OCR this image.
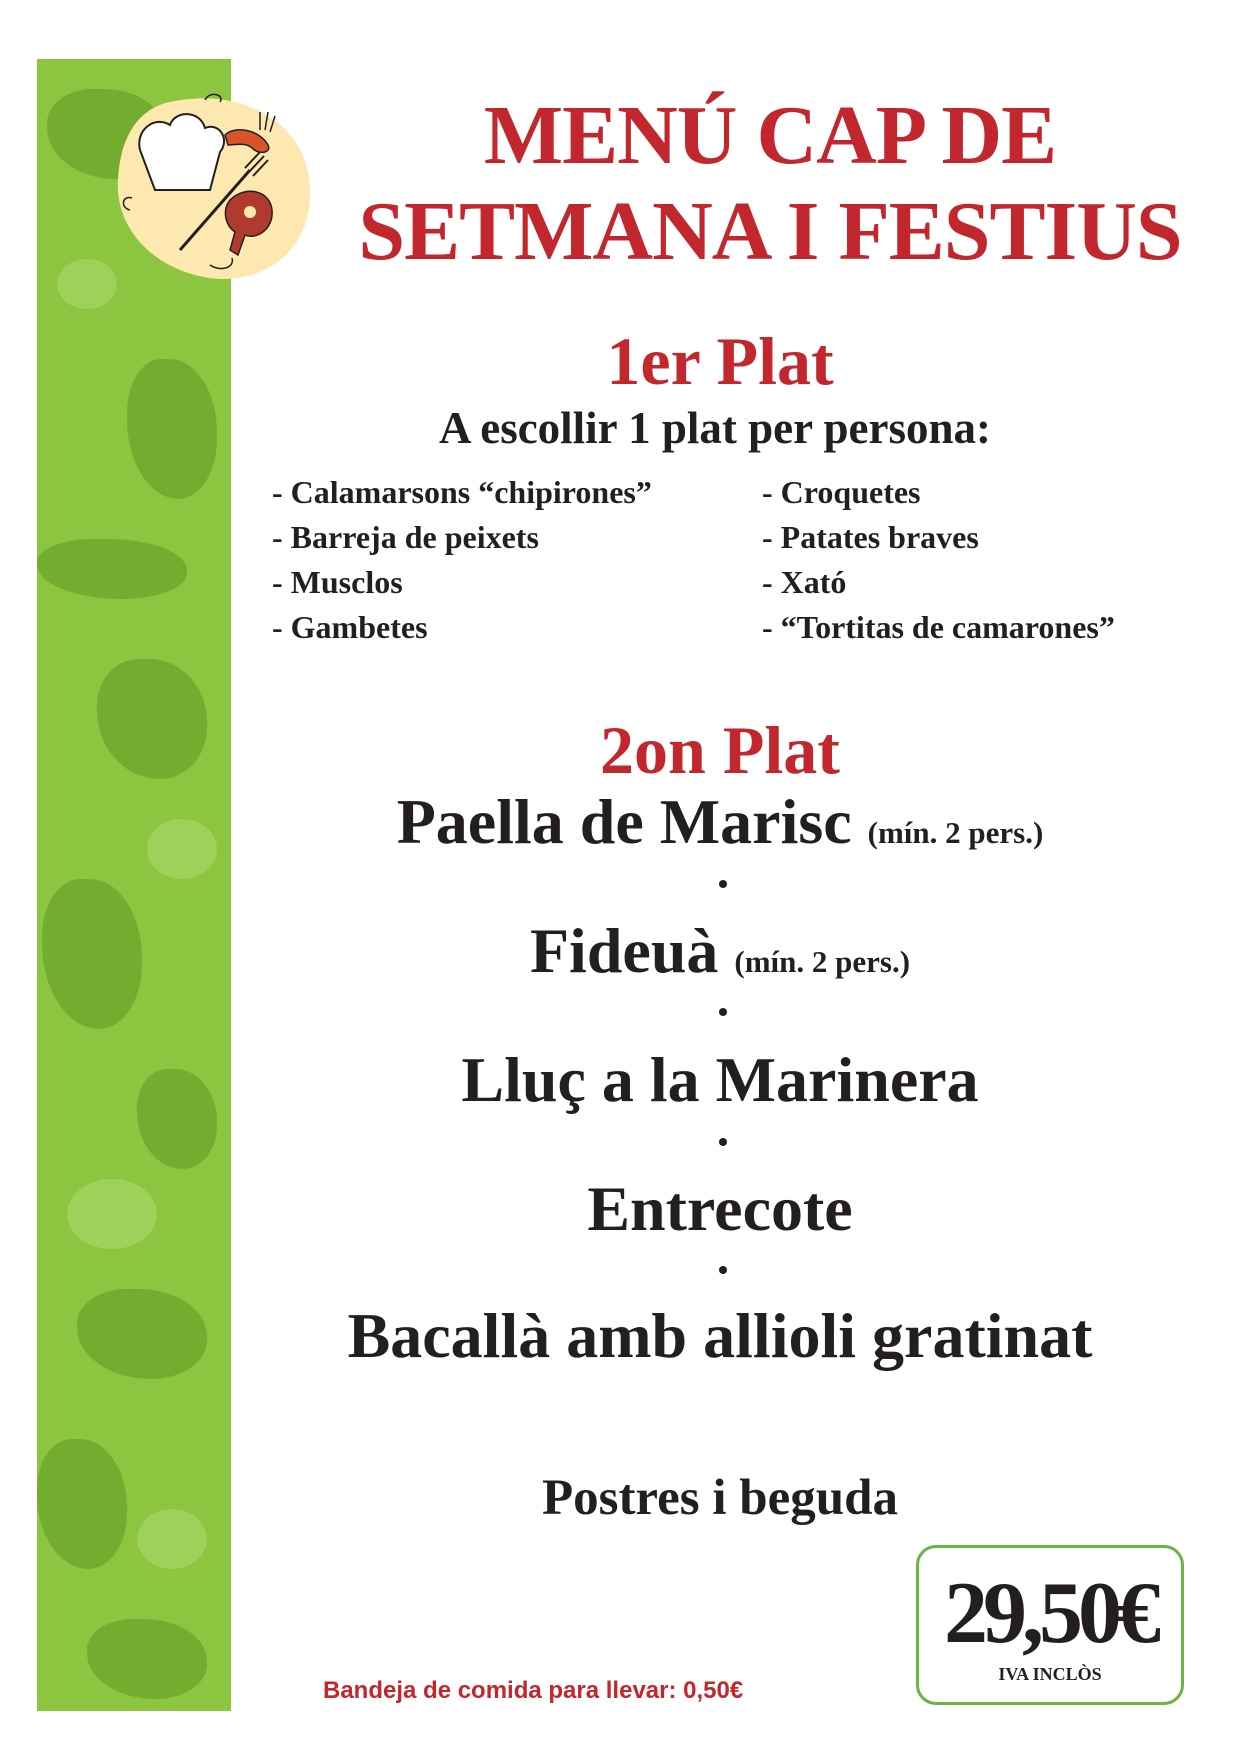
MENÚ CAP DE
SETMANA I FESTIUS
1er Plat
A escollir 1 plat per persona:
- Calamarsons “chipirones”
- Barreja de peixets
- Musclos
- Gambetes
- Croquetes
- Patates braves
- Xató
- “Tortitas de camarones”
2on Plat
Paella de Marisc (mín. 2 pers.)
Fideuà (mín. 2 pers.)
Lluç a la Marinera
Entrecote
Bacallà amb allioli gratinat
Postres i beguda
29,50€
IVA INCLÒS
Bandeja de comida para llevar: 0,50€
